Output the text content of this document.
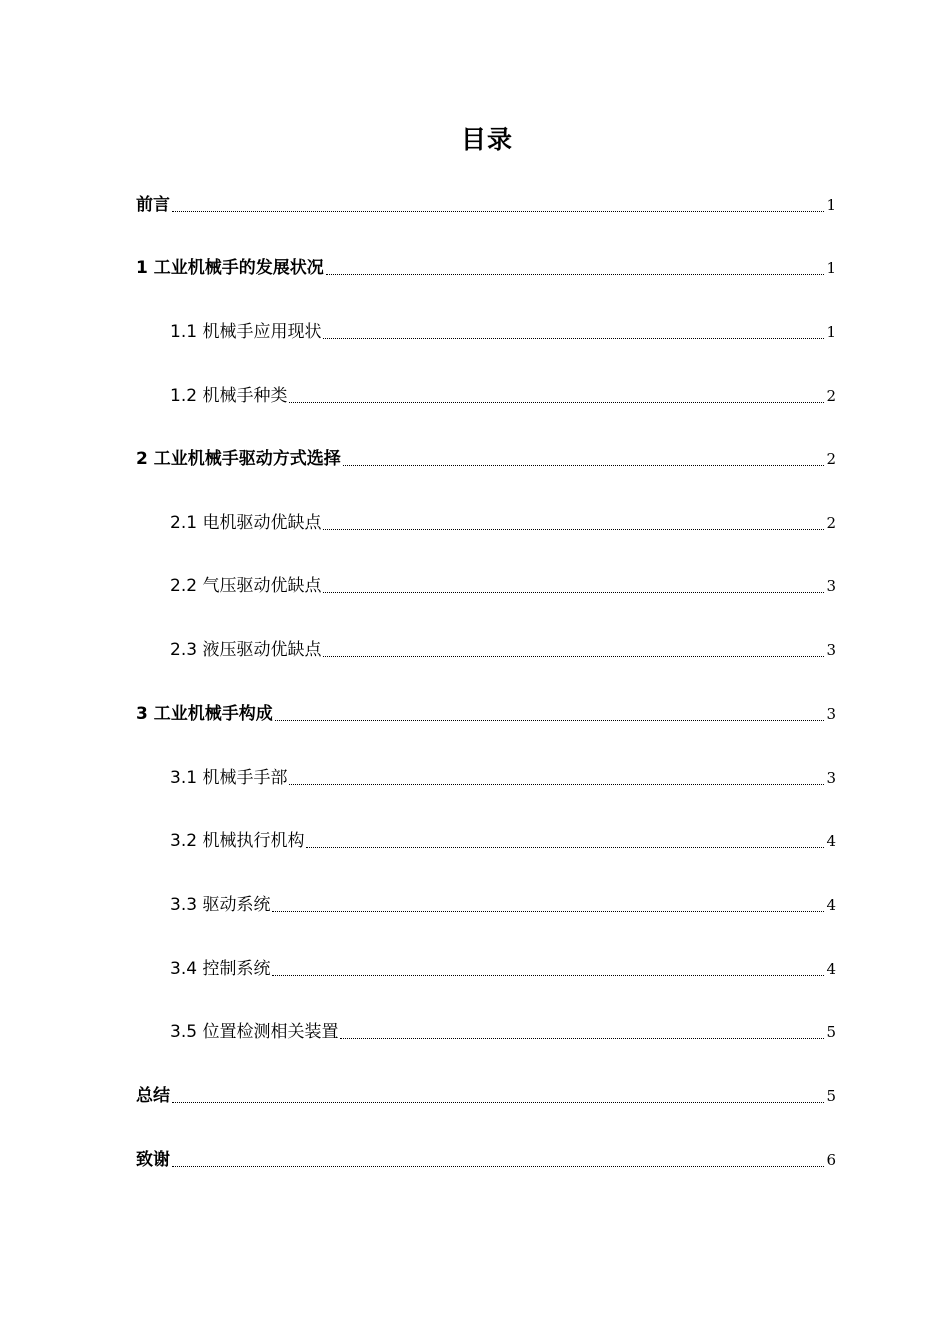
目录
前言	1
1 工业机械手的发展状况	1
1.1 机械手应用现状	1
1.2 机械手种类	2
2 工业机械手驱动方式选择	2
2.1 电机驱动优缺点	2
2.2 气压驱动优缺点	3
2.3 液压驱动优缺点	3
3 工业机械手构成	3
3.1 机械手手部	3
3.2 机械执行机构	4
3.3 驱动系统	4
3.4 控制系统	4
3.5 位置检测相关装置	5
总结	5
致谢	6
